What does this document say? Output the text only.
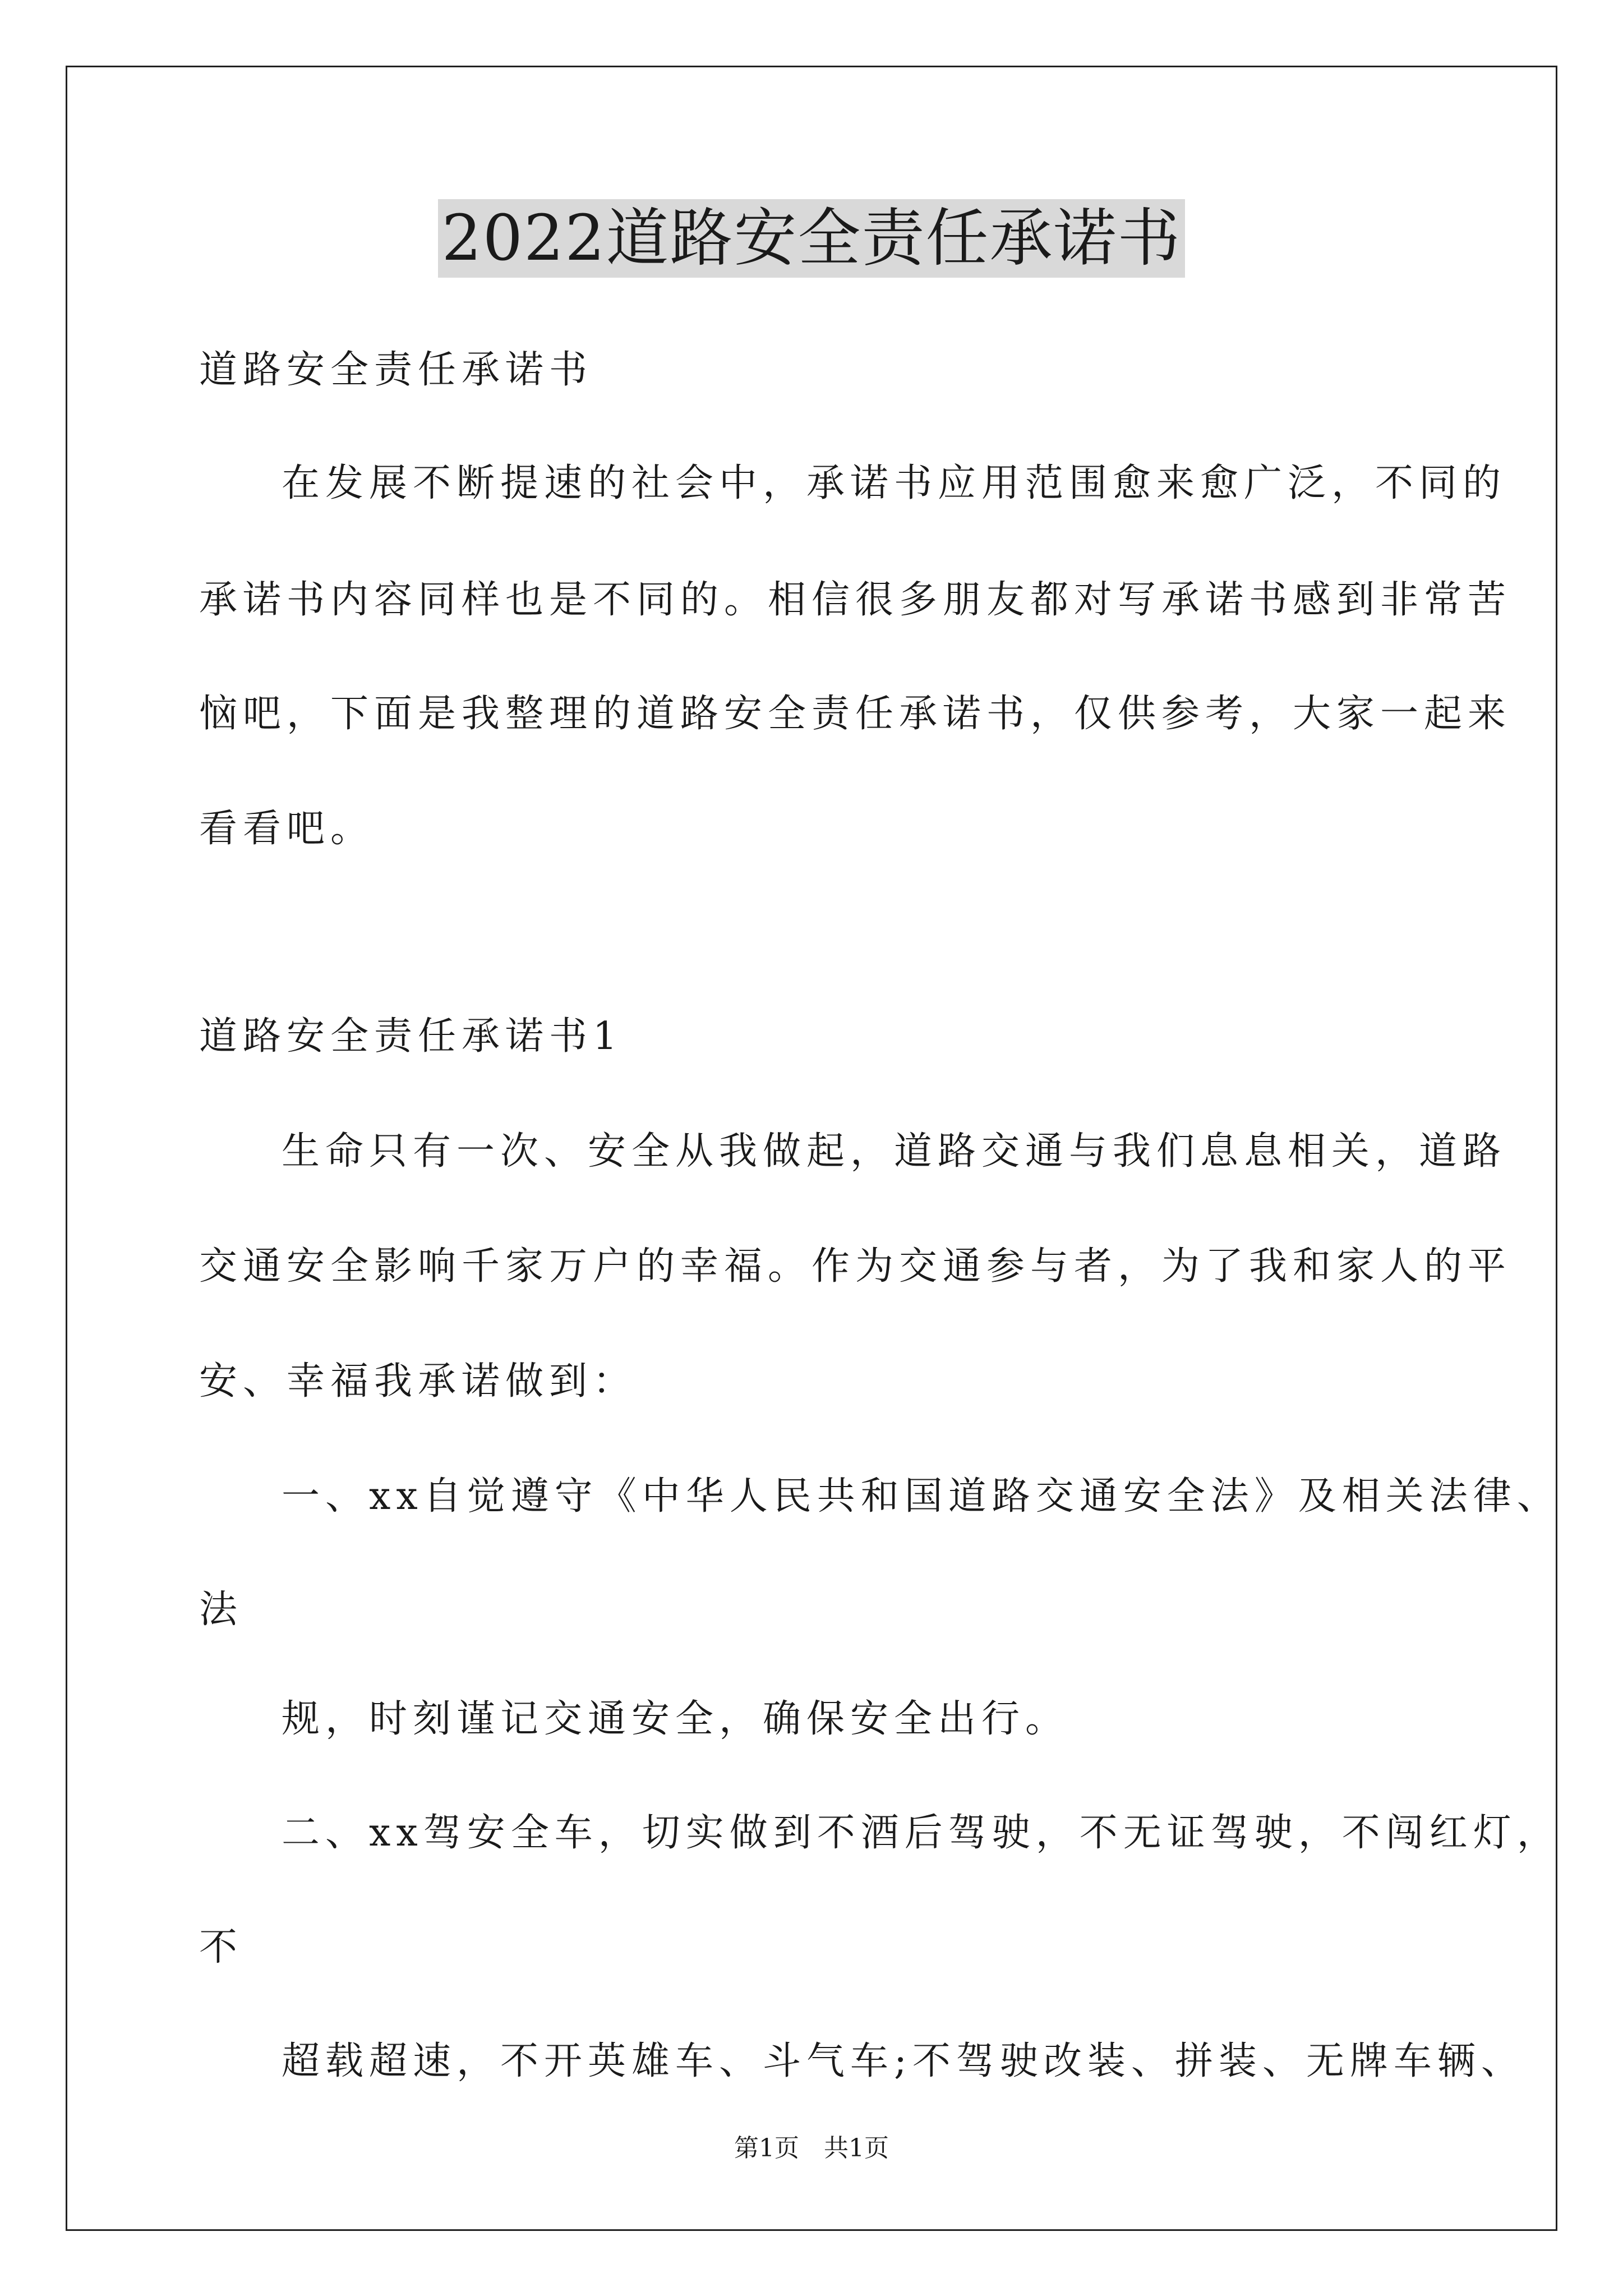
2022道路安全责任承诺书
道路安全责任承诺书
在发展不断提速的社会中，承诺书应用范围愈来愈广泛，不同的
承诺书内容同样也是不同的。相信很多朋友都对写承诺书感到非常苦
恼吧，下面是我整理的道路安全责任承诺书，仅供参考，大家一起来
看看吧。
道路安全责任承诺书1
生命只有一次、安全从我做起，道路交通与我们息息相关，道路
交通安全影响千家万户的幸福。作为交通参与者，为了我和家人的平
安、幸福我承诺做到：
一、xx自觉遵守《中华人民共和国道路交通安全法》及相关法律、
法
规，时刻谨记交通安全，确保安全出行。
二、xx驾安全车，切实做到不酒后驾驶，不无证驾驶，不闯红灯，
不
超载超速，不开英雄车、斗气车;不驾驶改装、拼装、无牌车辆、
第1页 共1页
